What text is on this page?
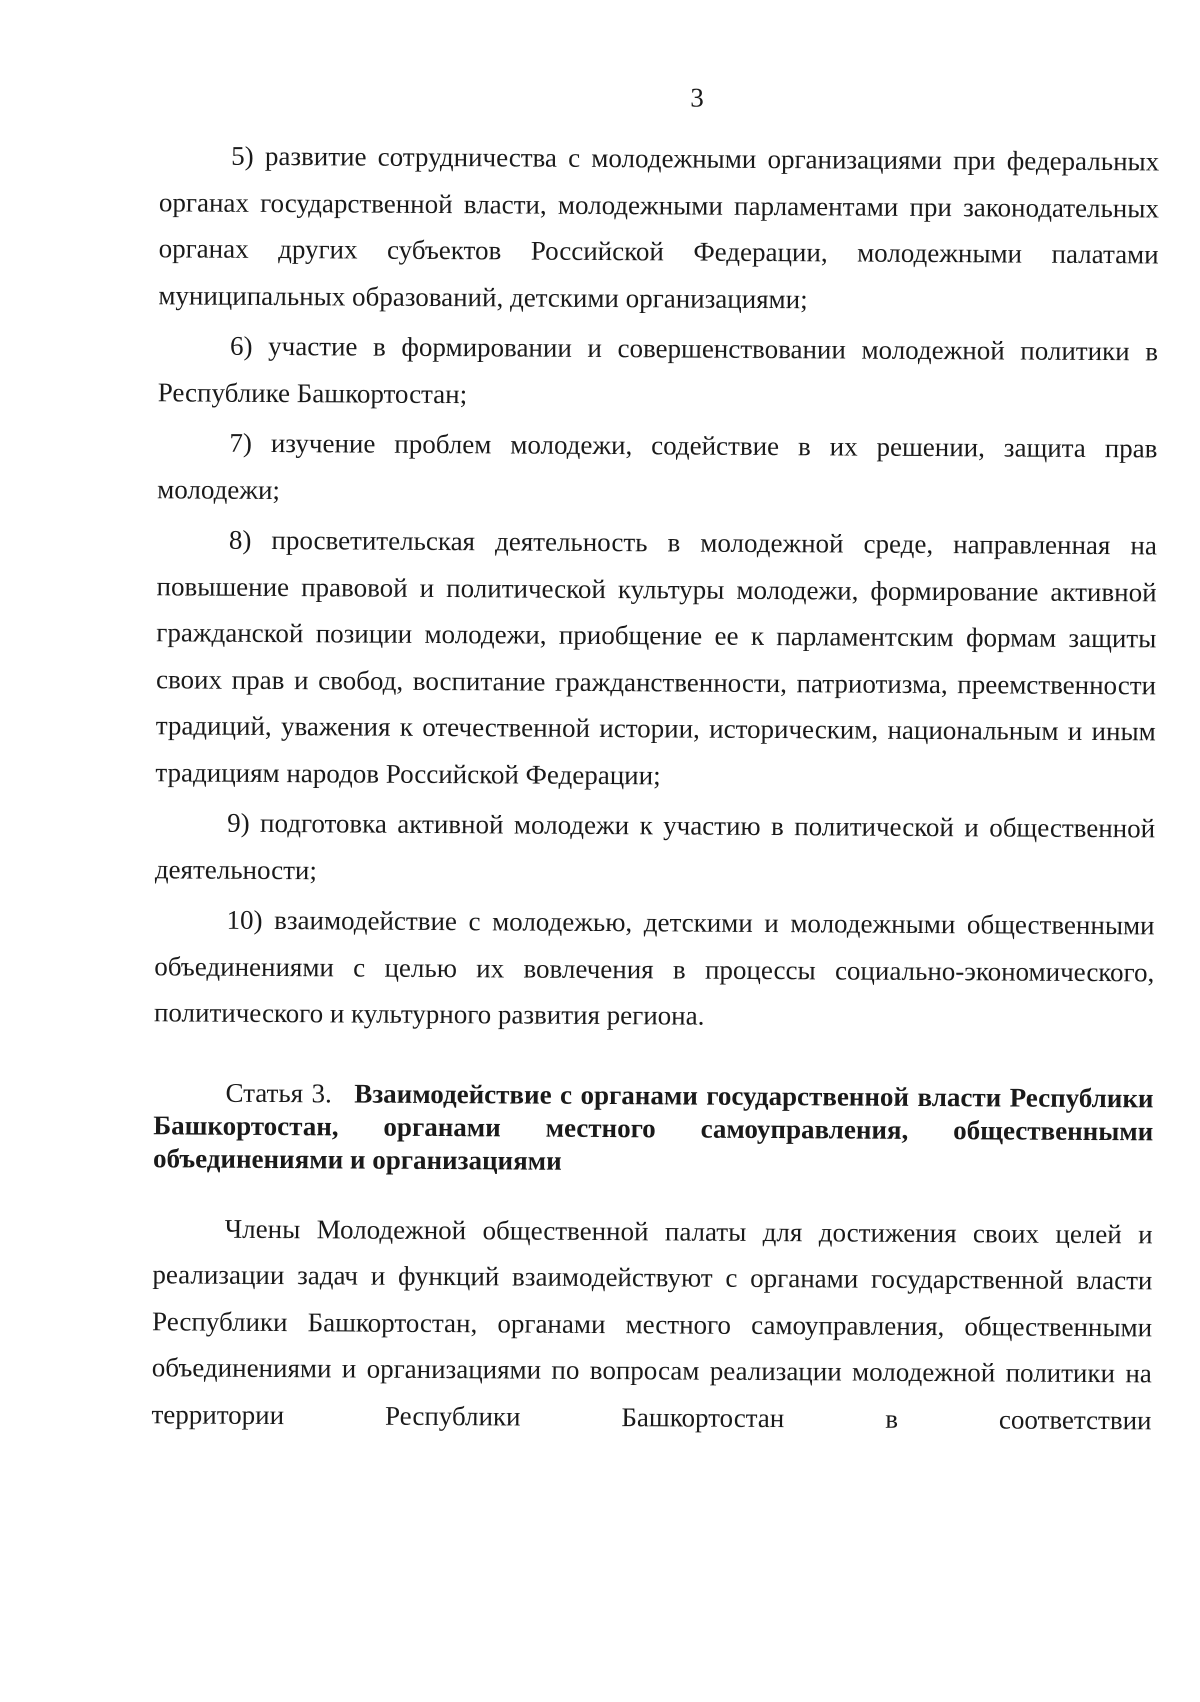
3

5) развитие сотрудничества с молодежными организациями при федеральных органах государственной власти, молодежными парламентами при законодательных органах других субъектов Российской Федерации, молодежными палатами муниципальных образований, детскими организациями;

6) участие в формировании и совершенствовании молодежной политики в Республике Башкортостан;

7) изучение проблем молодежи, содействие в их решении, защита прав молодежи;

8) просветительская деятельность в молодежной среде, направленная на повышение правовой и политической культуры молодежи, формирование активной гражданской позиции молодежи, приобщение ее к парламентским формам защиты своих прав и свобод, воспитание гражданственности, патриотизма, преемственности традиций, уважения к отечественной истории, историческим, национальным и иным традициям народов Российской Федерации;

9) подготовка активной молодежи к участию в политической и общественной деятельности;

10) взаимодействие с молодежью, детскими и молодежными общественными объединениями с целью их вовлечения в процессы социально-экономического, политического и культурного развития региона.

Статья 3. Взаимодействие с органами государственной власти Республики Башкортостан, органами местного самоуправления, общественными объединениями и организациями

Члены Молодежной общественной палаты для достижения своих целей и реализации задач и функций взаимодействуют с органами государственной власти Республики Башкортостан, органами местного самоуправления, общественными объединениями и организациями по вопросам реализации молодежной политики на территории Республики Башкортостан в соответствии
